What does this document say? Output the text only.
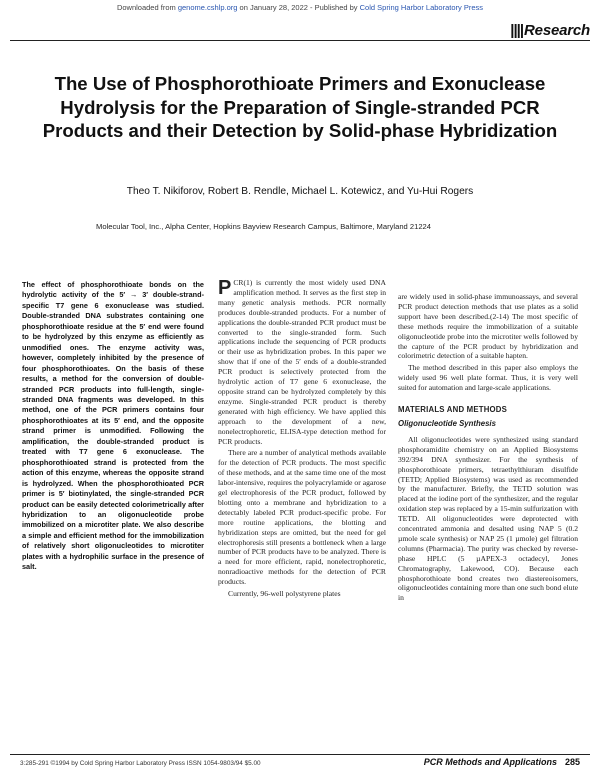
Downloaded from genome.cshlp.org on January 28, 2022 - Published by Cold Spring Harbor Laboratory Press
||||Research
The Use of Phosphorothioate Primers and Exonuclease Hydrolysis for the Preparation of Single-stranded PCR Products and their Detection by Solid-phase Hybridization
Theo T. Nikiforov, Robert B. Rendle, Michael L. Kotewicz, and Yu-Hui Rogers
Molecular Tool, Inc., Alpha Center, Hopkins Bayview Research Campus, Baltimore, Maryland 21224

The effect of phosphorothioate bonds on the hydrolytic activity of the 5′ → 3′ double-strand-specific T7 gene 6 exonuclease was studied. Double-stranded DNA substrates containing one phosphorothioate residue at the 5′ end were found to be hydrolyzed by this enzyme as efficiently as unmodified ones. The enzyme activity was, however, completely inhibited by the presence of four phosphorothioates. On the basis of these results, a method for the conversion of double-stranded PCR products into full-length, single-stranded DNA fragments was developed. In this method, one of the PCR primers contains four phosphorothioates at its 5′ end, and the opposite strand primer is unmodified. Following the amplification, the double-stranded product is treated with T7 gene 6 exonuclease. The phosphorothioated strand is protected from the action of this enzyme, whereas the opposite strand is hydrolyzed. When the phosphorothioated PCR primer is 5′ biotinylated, the single-stranded PCR product can be easily detected colorimetrically after hybridization to an oligonucleotide probe immobilized on a microtiter plate. We also describe a simple and efficient method for the immobilization of relatively short oligonucleotides to microtiter plates with a hydrophilic surface in the presence of salt.

PCR(1) is currently the most widely used DNA amplification method. It serves as the first step in many genetic analysis methods. PCR normally produces double-stranded products. For a number of applications the double-stranded PCR product must be converted to the single-stranded form. Such applications include the sequencing of PCR products or their use as hybridization probes. In this paper we show that if one of the 5′ ends of a double-stranded PCR product is selectively protected from the hydrolytic action of T7 gene 6 exonuclease, the opposite strand can be hydrolyzed completely by this enzyme. Single-stranded PCR product is thereby generated with high efficiency. We have applied this approach to the development of a new, nonelectrophoretic, ELISA-type detection method for PCR products.

There are a number of analytical methods available for the detection of PCR products. The most specific of these methods, and at the same time one of the most labor-intensive, requires the polyacrylamide or agarose gel electrophoresis of the PCR product, followed by blotting onto a membrane and hybridization to a detectably labeled PCR product-specific probe. For more routine applications, the blotting and hybridization steps are omitted, but the need for gel electrophoresis still presents a bottleneck when a large number of PCR products have to be analyzed. There is a need for more efficient, rapid, nonelectrophoretic, nonradioactive methods for the detection of PCR products.

Currently, 96-well polystyrene plates

are widely used in solid-phase immunoassays, and several PCR product detection methods that use plates as a solid support have been described.(2-14) The most specific of these methods require the immobilization of a suitable oligonucleotide probe into the microtiter wells followed by the capture of the PCR product by hybridization and colorimetric detection of a suitable hapten.

The method described in this paper also employs the widely used 96 well plate format. Thus, it is very well suited for automation and large-scale applications.

MATERIALS AND METHODS
Oligonucleotide Synthesis

All oligonucleotides were synthesized using standard phosphoramidite chemistry on an Applied Biosystems 392/394 DNA synthesizer. For the synthesis of phosphorothioate primers, tetraethylthiuram disulfide (TETD; Applied Biosystems) was used as recommended by the manufacturer. Briefly, the TETD solution was placed at the iodine port of the synthesizer, and the regular oxidation step was replaced by a 15-min sulfurization with TETD. All oligonucleotides were deprotected with concentrated ammonia and desalted using NAP 5 (0.2 µmole scale synthesis) or NAP 25 (1 µmole) gel filtration columns (Pharmacia). The purity was checked by reverse-phase HPLC (5 µAPEX-3 octadecyl, Jones Chromatography, Lakewood, CO). Because each phosphorothioate bond creates two diastereoisomers, oligonucleotides containing more than one such bond elute in

3:285-291 ©1994 by Cold Spring Harbor Laboratory Press ISSN 1054-9803/94 $5.00	PCR Methods and Applications 285
